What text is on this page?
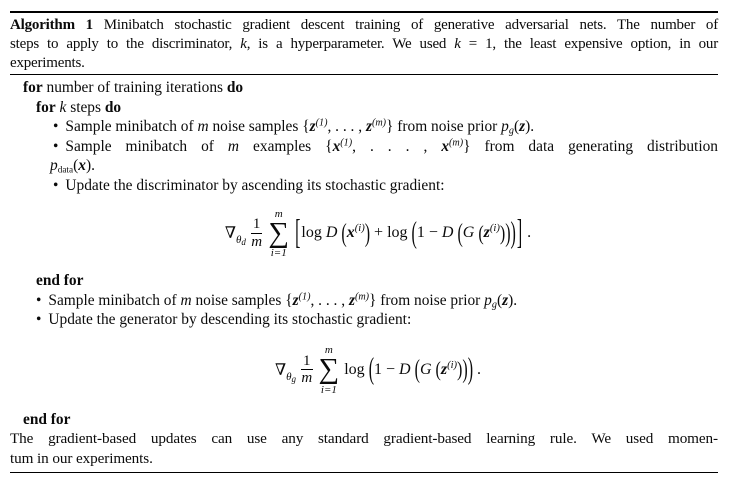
Algorithm 1 Minibatch stochastic gradient descent training of generative adversarial nets. The number of
steps to apply to the discriminator, k, is a hyperparameter. We used k = 1, the least expensive option, in our
experiments.
for number of training iterations do
for k steps do
• Sample minibatch of m noise samples {$z^{(1)}$, . . . , $z^{(m)}$} from noise prior pg(z).
• Sample minibatch of m examples {$x^{(1)}$, . . . , $x^{(m)}$} from data generating distribution
pdata(x).
• Update the discriminator by ascending its stochastic gradient:
$\nabla_{\theta d} \frac{1}{m}$
m
∑
i=1
[log D $(x^{(i)}) + \log (1 - D$ (G $(z^{(i)})$))] .
end for
• Sample minibatch of m noise samples {$z^{(1)}$, . . . , $z^{(m)}$} from noise prior pg(z).
• Update the generator by descending its stochastic gradient:
$\nabla_{\theta g} \frac{1}{m}$
m
∑
i=1
log (1 − D (G $(z^{(i)})$)) .
end for
The gradient-based updates can use any standard gradient-based learning rule. We used momen-
tum in our experiments.
